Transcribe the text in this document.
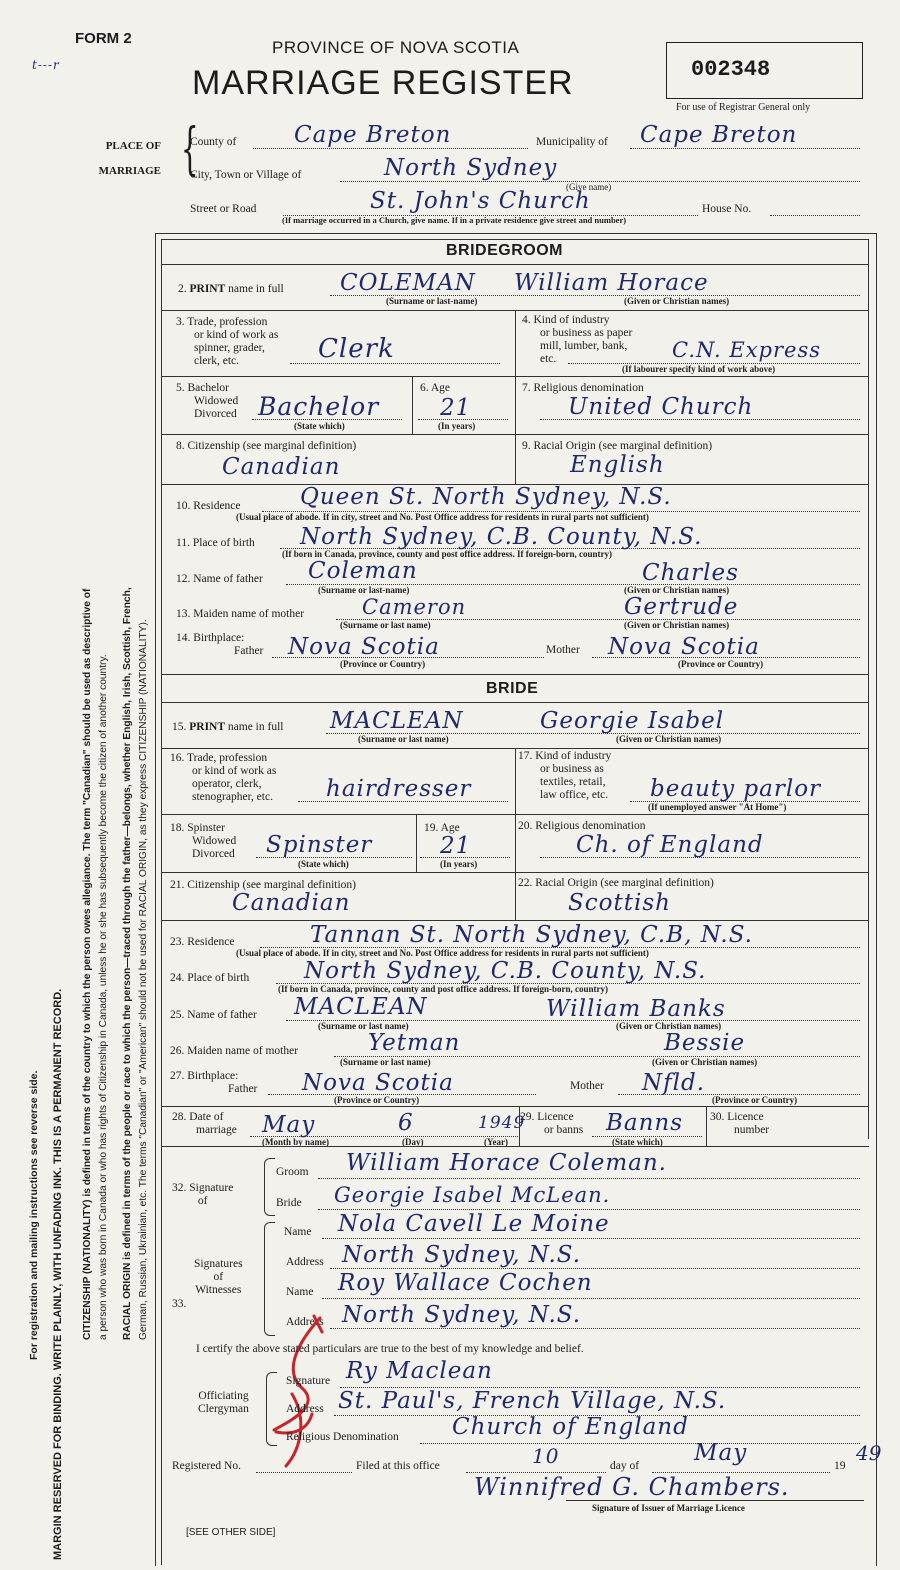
FORM 2
t---r
PROVINCE OF NOVA SCOTIA
MARRIAGE REGISTER	002348
For use of Registrar General only
PLACE OF
MARRIAGE {
County of	Cape Breton	Municipality of Cape Breton
City, Town or Village of	North Sydney
(Give name)
Street or Road	St. John's Church	House No.
(If marriage occurred in a Church, give name. If in a private residence give street and number)
For registration and mailing instructions see reverse side. MARGIN RESERVED FOR BINDING. WRITE PLAINLY, WITH UNFADING INK. THIS IS A PERMANENT RECORD. CITIZENSHIP (NATIONALITY) is defined in terms of the country to which the person owes allegiance. The term "Canadian" should be used as descriptive of a person who was born in Canada or who has rights of Citizenship in Canada, unless he or she has subsequently become the citizen of another country. RACIAL ORIGIN is defined in terms of the people or race to which the person—traced through the father—belongs, whether English, Irish, Scottish, French, German, Russian, Ukrainian, etc. The terms "Canadian" or "American" should not be used for RACIAL ORIGIN, as they express CITIZENSHIP (NATIONALITY).
BRIDEGROOM
2. PRINT name in full COLEMAN William Horace
(Surname or last-name)	(Given or Christian names)
3. Trade, profession
or kind of work as
spinner, grader,
clerk, etc.	Clerk
4. Kind of industry
or business as paper
mill, lumber, bank,
etc.	C.N. Express
(If labourer specify kind of work above)
5. Bachelor
Widowed
Divorced Bachelor
(State which)
6. Age
21
(In years)
7. Religious denomination
United Church
8. Citizenship (see marginal definition)
Canadian
9. Racial Origin (see marginal definition)
English
10. Residence	Queen St. North Sydney, N.S.
(Usual place of abode. If in city, street and No. Post Office address for residents in rural parts not sufficient)
11. Place of birth North Sydney, C.B. County, N.S.
(If born in Canada, province, county and post office address. If foreign-born, country)
12. Name of father Coleman	Charles
(Surname or last-name)	(Given or Christian names)
13. Maiden name of mother	Cameron	Gertrude
(Surname or last name)	(Given or Christian names)
14. Birthplace:
Father Nova Scotia
(Province or Country)
Mother Nova Scotia
(Province or Country)
BRIDE
15. PRINT name in full MACLEAN	Georgie Isabel
(Surname or last name)	(Given or Christian names)
16. Trade, profession
or kind of work as
operator, clerk,
stenographer, etc. hairdresser
17. Kind of industry
or business as
textiles, retail,
law office, etc. beauty parlor
(If unemployed answer "At Home")
18. Spinster
Widowed
Divorced Spinster
(State which)
19. Age
21
(In years)
20. Religious denomination
Ch. of England
21. Citizenship (see marginal definition)
Canadian
22. Racial Origin (see marginal definition)
Scottish
23. Residence	Tannan St. North Sydney, C.B, N.S.
(Usual place of abode. If in city, street and No. Post Office address for residents in rural parts not sufficient)
24. Place of birth North Sydney, C.B. County, N.S.
(If born in Canada, province, county and post office address. If foreign-born, country)
25. Name of father MACLEAN	William Banks
(Surname or last name)	(Given or Christian names)
26. Maiden name of mother	Yetman	Bessie
(Surname or last name)	(Given or Christian names)
27. Birthplace:
Father Nova Scotia
(Province or Country)
Mother Nfld.
(Province or Country)
28. Date of
marriage May	6	1949
(Month by name)	(Day)	(Year)
29. Licence
or banns Banns
(State which)
30. Licence
number
32. Signature
of
Groom William Horace Coleman.
Bride Georgie Isabel McLean.
33.
Signatures
of
Witnesses
Name Nola Cavell Le Moine
Address North Sydney, N.S.
Name Roy Wallace Cochen
Address North Sydney, N.S.
I certify the above stated particulars are true to the best of my knowledge and belief.
Officiating
Clergyman
Signature Ry Maclean
Address St. Paul's, French Village, N.S.
Religious Denomination Church of England
Registered No.	Filed at this office	10	day of May	19
49
Winnifred G. Chambers.
Signature of Issuer of Marriage Licence
[SEE OTHER SIDE]
